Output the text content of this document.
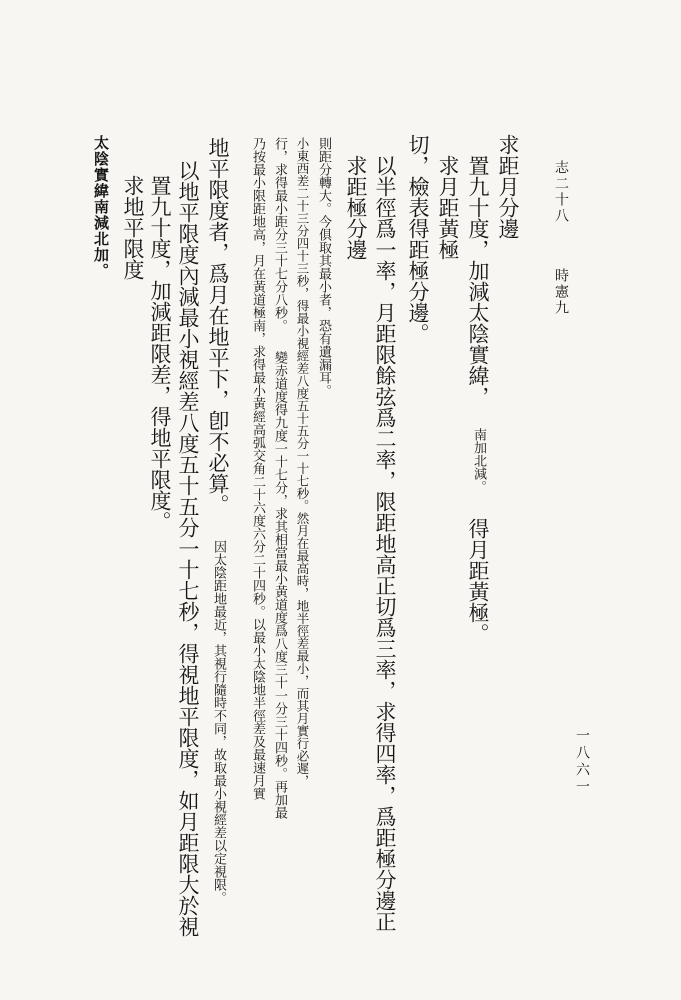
太陰實緯南減北加。 求地平限度 置九十度，加減距限差，得地平限度。 以地平限度內減最小視經差八度五十五分一十七秒，得視地平限度，如月距限大於視 地平限度者，爲月在地平下，卽不必算。 因太陰距地最近，其視行隨時不同，故取最小視經差以定視限。 乃按最小限距地高，月在黃道極南，求得最小黃經高弧交角二十六度六分二十四秒。以最小太陰地半徑差及最速月實 行，求得最小距分三十七分八秒。 變赤道度得九度一十七分，求其相當最小黃道度爲八度三十一分三十四秒。再加最 小東西差二十三分四十三秒，得最小視經差八度五十五分一十七秒。然月在最高時，地半徑差最小，而其月實行必遲， 則距分轉大。今俱取其最小者，恐有遺漏耳。 求距極分邊 以半徑爲一率，月距限餘弦爲二率，限距地高正切爲三率，求得四率，爲距極分邊正 切，檢表得距極分邊。 求月距黃極 置九十度，加減太陰實緯， 南加北減。 得月距黃極。

求距月分邊 志二十八

時憲九

一八六一
